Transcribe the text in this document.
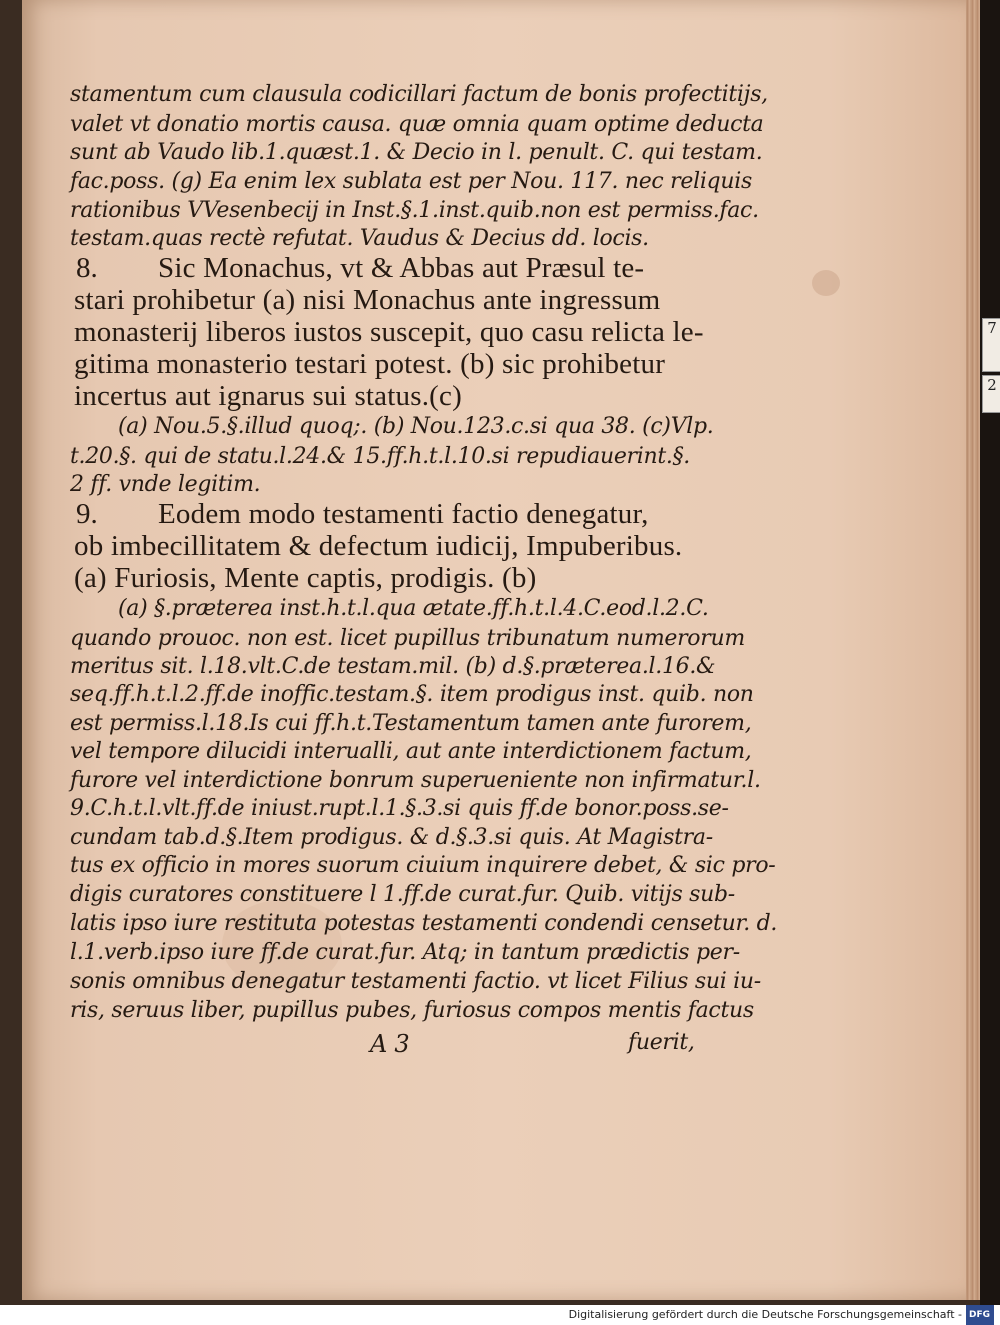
7
2
stamentum cum clausula codicillari factum de bonis profectitijs,
valet vt donatio mortis causa. quæ omnia quam optime deducta
sunt ab Vaudo lib.1.quæst.1. & Decio in l. penult. C. qui testam.
fac.poss. (g) Ea enim lex sublata est per Nou. 117. nec reliquis
rationibus VVesenbecij in Inst.§.1.inst.quib.non est permiss.fac.
testam.quas rectè refutat. Vaudus & Decius dd. locis.
8. Sic Monachus, vt & Abbas aut Præsul te-
stari prohibetur (a) nisi Monachus ante ingressum
monasterij liberos iustos suscepit, quo casu relicta le-
gitima monasterio testari potest. (b) sic prohibetur
incertus aut ignarus sui status.(c)
(a) Nou.5.§.illud quoq;. (b) Nou.123.c.si qua 38. (c)Vlp.
t.20.§. qui de statu.l.24.& 15.ff.h.t.l.10.si repudiauerint.§.
2 ff. vnde legitim.
9. Eodem modo testamenti factio denegatur,
ob imbecillitatem & defectum iudicij, Impuberibus.
(a) Furiosis, Mente captis, prodigis. (b)
(a) §.præterea inst.h.t.l.qua ætate.ff.h.t.l.4.C.eod.l.2.C.
quando prouoc. non est. licet pupillus tribunatum numerorum
meritus sit. l.18.vlt.C.de testam.mil. (b) d.§.præterea.l.16.&
seq.ff.h.t.l.2.ff.de inoffic.testam.§. item prodigus inst. quib. non
est permiss.l.18.Is cui ff.h.t.Testamentum tamen ante furorem,
vel tempore dilucidi interualli, aut ante interdictionem factum,
furore vel interdictione bonrum superueniente non infirmatur.l.
9.C.h.t.l.vlt.ff.de iniust.rupt.l.1.§.3.si quis ff.de bonor.poss.se-
cundam tab.d.§.Item prodigus. & d.§.3.si quis. At Magistra-
tus ex officio in mores suorum ciuium inquirere debet, & sic pro-
digis curatores constituere l 1.ff.de curat.fur. Quib. vitijs sub-
latis ipso iure restituta potestas testamenti condendi censetur. d.
l.1.verb.ipso iure ff.de curat.fur. Atq; in tantum prædictis per-
sonis omnibus denegatur testamenti factio. vt licet Filius sui iu-
ris, seruus liber, pupillus pubes, furiosus compos mentis factus
A 3	fuerit,
Digitalisierung gefördert durch die Deutsche Forschungsgemeinschaft - DFG
